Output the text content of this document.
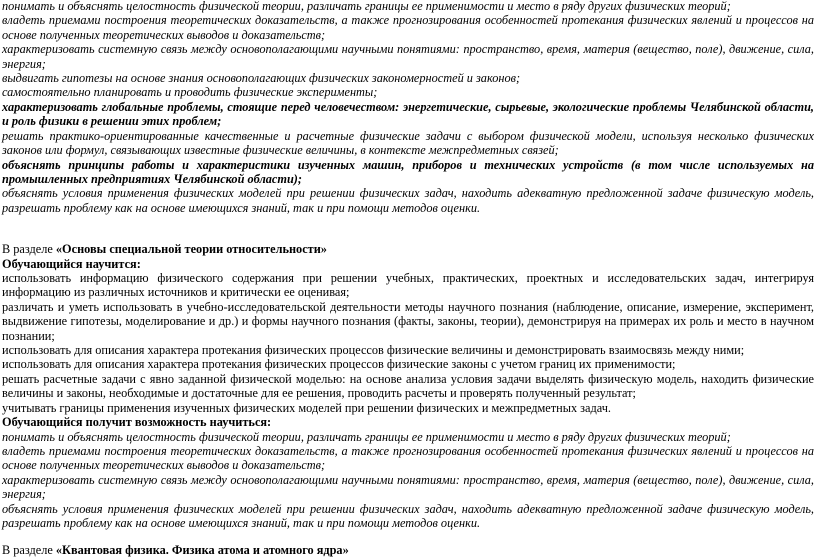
понимать и объяснять целостность физической теории, различать границы ее применимости и место в ряду других физических теорий;
владеть приемами построения теоретических доказательств, а также прогнозирования особенностей протекания физических явлений и процессов на
основе полученных теоретических выводов и доказательств;
характеризовать системную связь между основополагающими научными понятиями: пространство, время, материя (вещество, поле), движение, сила,
энергия;
выдвигать гипотезы на основе знания основополагающих физических закономерностей и законов;
самостоятельно планировать и проводить физические эксперименты;
характеризовать глобальные проблемы, стоящие перед человечеством: энергетические, сырьевые, экологические проблемы Челябинской области,
и роль физики в решении этих проблем;
решать практико-ориентированные качественные и расчетные физические задачи с выбором физической модели, используя несколько физических
законов или формул, связывающих известные физические величины, в контексте межпредметных связей;
объяснять принципы работы и характеристики изученных машин, приборов и технических устройств (в том числе используемых на
промышленных предприятиях Челябинской области);
объяснять условия применения физических моделей при решении физических задач, находить адекватную предложенной задаче физическую модель,
разрешать проблему как на основе имеющихся знаний, так и при помощи методов оценки.
В разделе «Основы специальной теории относительности»
Обучающийся научится:
использовать информацию физического содержания при решении учебных, практических, проектных и исследовательских задач, интегрируя
информацию из различных источников и критически ее оценивая;
различать и уметь использовать в учебно-исследовательской деятельности методы научного познания (наблюдение, описание, измерение, эксперимент,
выдвижение гипотезы, моделирование и др.) и формы научного познания (факты, законы, теории), демонстрируя на примерах их роль и место в научном
познании;
использовать для описания характера протекания физических процессов физические величины и демонстрировать взаимосвязь между ними;
использовать для описания характера протекания физических процессов физические законы с учетом границ их применимости;
решать расчетные задачи с явно заданной физической моделью: на основе анализа условия задачи выделять физическую модель, находить физические
величины и законы, необходимые и достаточные для ее решения, проводить расчеты и проверять полученный результат;
учитывать границы применения изученных физических моделей при решении физических и межпредметных задач.
Обучающийся получит возможность научиться:
понимать и объяснять целостность физической теории, различать границы ее применимости и место в ряду других физических теорий;
владеть приемами построения теоретических доказательств, а также прогнозирования особенностей протекания физических явлений и процессов на
основе полученных теоретических выводов и доказательств;
характеризовать системную связь между основополагающими научными понятиями: пространство, время, материя (вещество, поле), движение, сила,
энергия;
объяснять условия применения физических моделей при решении физических задач, находить адекватную предложенной задаче физическую модель,
разрешать проблему как на основе имеющихся знаний, так и при помощи методов оценки.
В разделе «Квантовая физика. Физика атома и атомного ядра»
